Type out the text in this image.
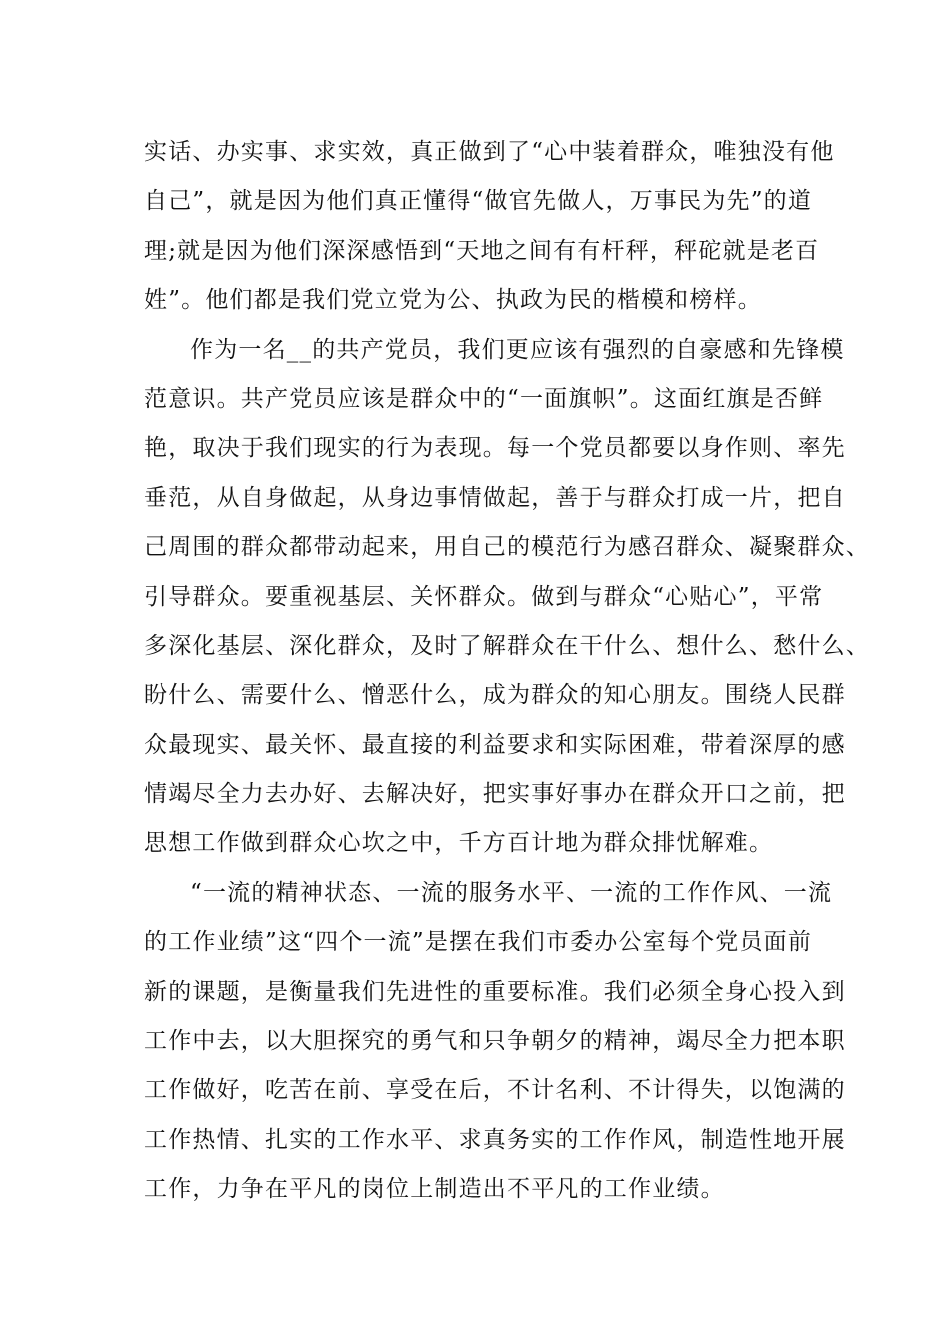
实话、办实事、求实效，真正做到了“心中装着群众，唯独没有他
自己”，就是因为他们真正懂得“做官先做人，万事民为先”的道
理;就是因为他们深深感悟到“天地之间有有杆秤，秤砣就是老百
姓”。他们都是我们党立党为公、执政为民的楷模和榜样。
作为一名__的共产党员，我们更应该有强烈的自豪感和先锋模
范意识。共产党员应该是群众中的“一面旗帜”。这面红旗是否鲜
艳，取决于我们现实的行为表现。每一个党员都要以身作则、率先
垂范，从自身做起，从身边事情做起，善于与群众打成一片，把自
己周围的群众都带动起来，用自己的模范行为感召群众、凝聚群众、
引导群众。要重视基层、关怀群众。做到与群众“心贴心”，平常
多深化基层、深化群众，及时了解群众在干什么、想什么、愁什么、
盼什么、需要什么、憎恶什么，成为群众的知心朋友。围绕人民群
众最现实、最关怀、最直接的利益要求和实际困难，带着深厚的感
情竭尽全力去办好、去解决好，把实事好事办在群众开口之前，把
思想工作做到群众心坎之中，千方百计地为群众排忧解难。
“一流的精神状态、一流的服务水平、一流的工作作风、一流
的工作业绩”这“四个一流”是摆在我们市委办公室每个党员面前
新的课题，是衡量我们先进性的重要标准。我们必须全身心投入到
工作中去，以大胆探究的勇气和只争朝夕的精神，竭尽全力把本职
工作做好，吃苦在前、享受在后，不计名利、不计得失，以饱满的
工作热情、扎实的工作水平、求真务实的工作作风，制造性地开展
工作，力争在平凡的岗位上制造出不平凡的工作业绩。
